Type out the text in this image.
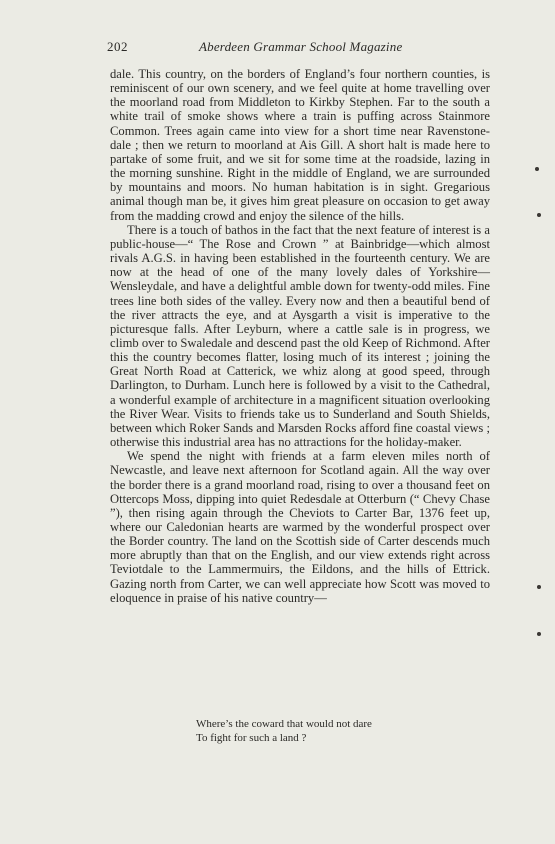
202	Aberdeen Grammar School Magazine

dale. This country, on the borders of England’s four northern counties, is reminiscent of our own scenery, and we feel quite at home travelling over the moorland road from Middleton to Kirkby Stephen. Far to the south a white trail of smoke shows where a train is puffing across Stainmore Common. Trees again came into view for a short time near Ravenstone-dale ; then we return to moorland at Ais Gill. A short halt is made here to partake of some fruit, and we sit for some time at the roadside, lazing in the morning sunshine. Right in the middle of England, we are surrounded by mountains and moors. No human habitation is in sight. Gregarious animal though man be, it gives him great pleasure on occasion to get away from the madding crowd and enjoy the silence of the hills.

There is a touch of bathos in the fact that the next feature of interest is a public-house—“ The Rose and Crown ” at Bainbridge—which almost rivals A.G.S. in having been established in the fourteenth century. We are now at the head of one of the many lovely dales of Yorkshire—Wensleydale, and have a delightful amble down for twenty-odd miles. Fine trees line both sides of the valley. Every now and then a beautiful bend of the river attracts the eye, and at Aysgarth a visit is imperative to the picturesque falls. After Leyburn, where a cattle sale is in progress, we climb over to Swaledale and descend past the old Keep of Richmond. After this the country becomes flatter, losing much of its interest ; joining the Great North Road at Catterick, we whiz along at good speed, through Darlington, to Durham. Lunch here is followed by a visit to the Cathedral, a wonderful example of architecture in a magnificent situation overlooking the River Wear. Visits to friends take us to Sunderland and South Shields, between which Roker Sands and Marsden Rocks afford fine coastal views ; otherwise this industrial area has no attractions for the holiday-maker.

We spend the night with friends at a farm eleven miles north of Newcastle, and leave next afternoon for Scotland again. All the way over the border there is a grand moorland road, rising to over a thousand feet on Ottercops Moss, dipping into quiet Redesdale at Otterburn (“ Chevy Chase ”), then rising again through the Cheviots to Carter Bar, 1376 feet up, where our Caledonian hearts are warmed by the wonderful prospect over the Border country. The land on the Scottish side of Carter descends much more abruptly than that on the English, and our view extends right across Teviotdale to the Lammermuirs, the Eildons, and the hills of Ettrick. Gazing north from Carter, we can well appreciate how Scott was moved to eloquence in praise of his native country—

Where’s the coward that would not dare
To fight for such a land ?
